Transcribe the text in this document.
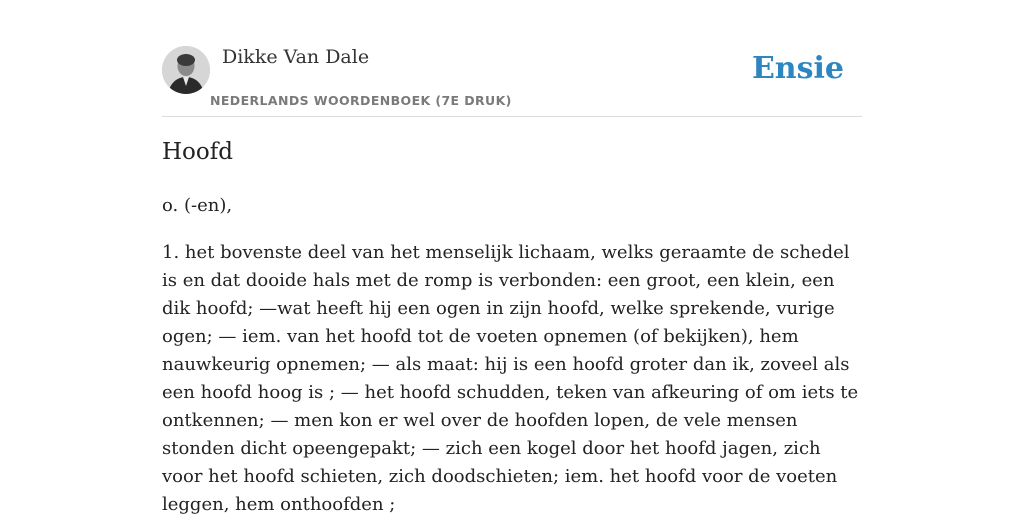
Dikke Van Dale
NEDERLANDS WOORDENBOEK (7E DRUK)
Ensie
Hoofd
o. (-en),

1. het bovenste deel van het menselijk lichaam, welks geraamte de schedel is en dat dooide hals met de romp is verbonden: een groot, een klein, een dik hoofd; —wat heeft hij een ogen in zijn hoofd, welke sprekende, vurige ogen; — iem. van het hoofd tot de voeten opnemen (of bekijken), hem nauwkeurig opnemen; — als maat: hij is een hoofd groter dan ik, zoveel als een hoofd hoog is ; — het hoofd schudden, teken van afkeuring of om iets te ontkennen; — men kon er wel over de hoofden lopen, de vele mensen stonden dicht opeengepakt; — zich een kogel door het hoofd jagen, zich voor het hoofd schieten, zich doodschieten; iem. het hoofd voor de voeten leggen, hem onthoofden ;
